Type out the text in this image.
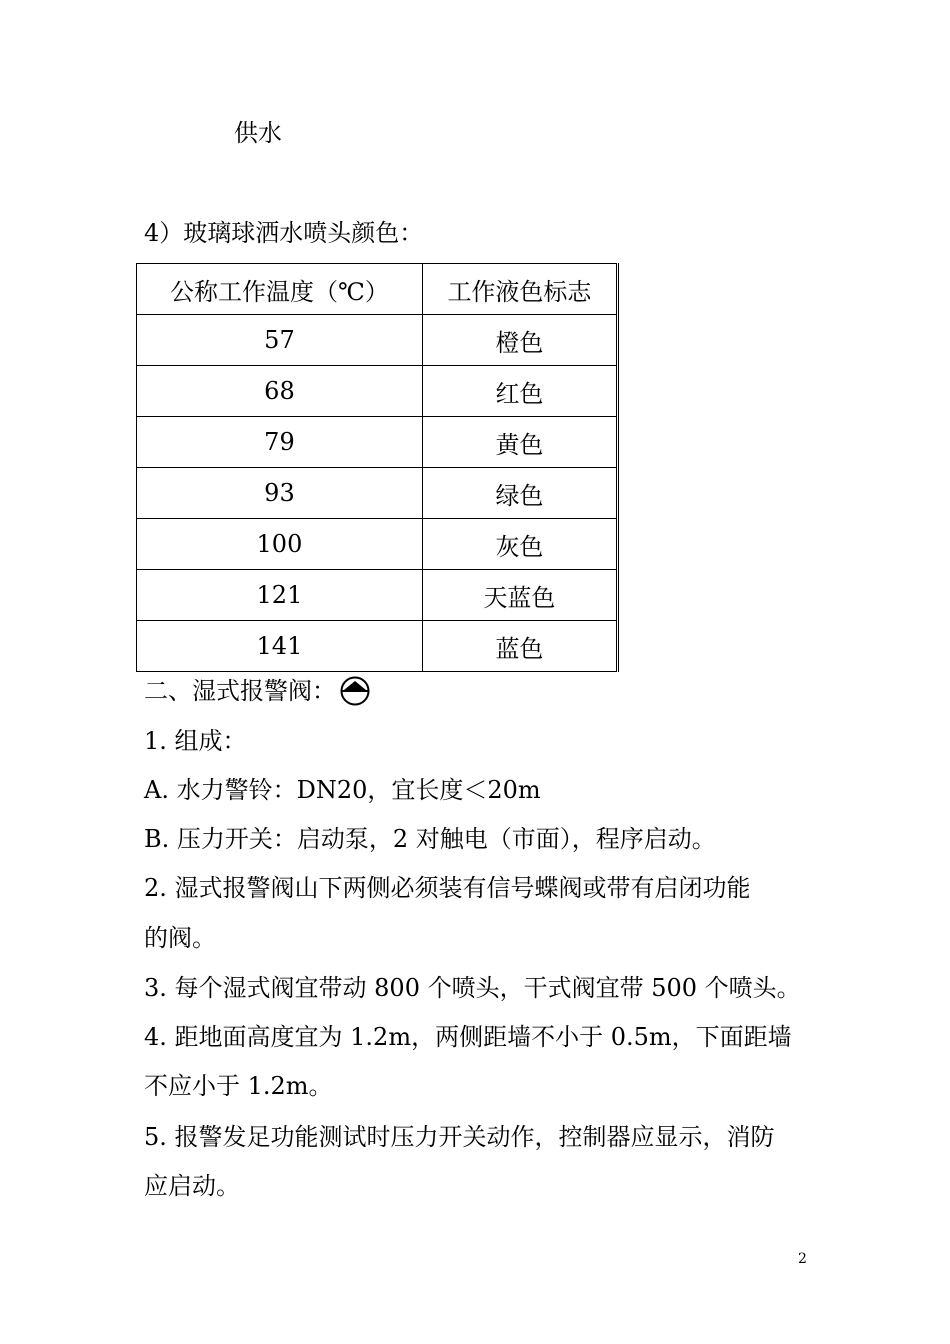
供水
4）玻璃球洒水喷头颜色：
公称工作温度（℃）	工作液色标志
57	橙色
68	红色
79	黄色
93	绿色
100	灰色
121	天蓝色
141	蓝色
二、湿式报警阀：
1. 组成：
A. 水力警铃：DN20，宜长度＜20m
B. 压力开关：启动泵，2 对触电（市面），程序启动。
2. 湿式报警阀山下两侧必须装有信号蝶阀或带有启闭功能
的阀。
3. 每个湿式阀宜带动 800 个喷头，干式阀宜带 500 个喷头。
4. 距地面高度宜为 1.2m，两侧距墙不小于 0.5m，下面距墙
不应小于 1.2m。
5. 报警发足功能测试时压力开关动作，控制器应显示，消防
应启动。
2
